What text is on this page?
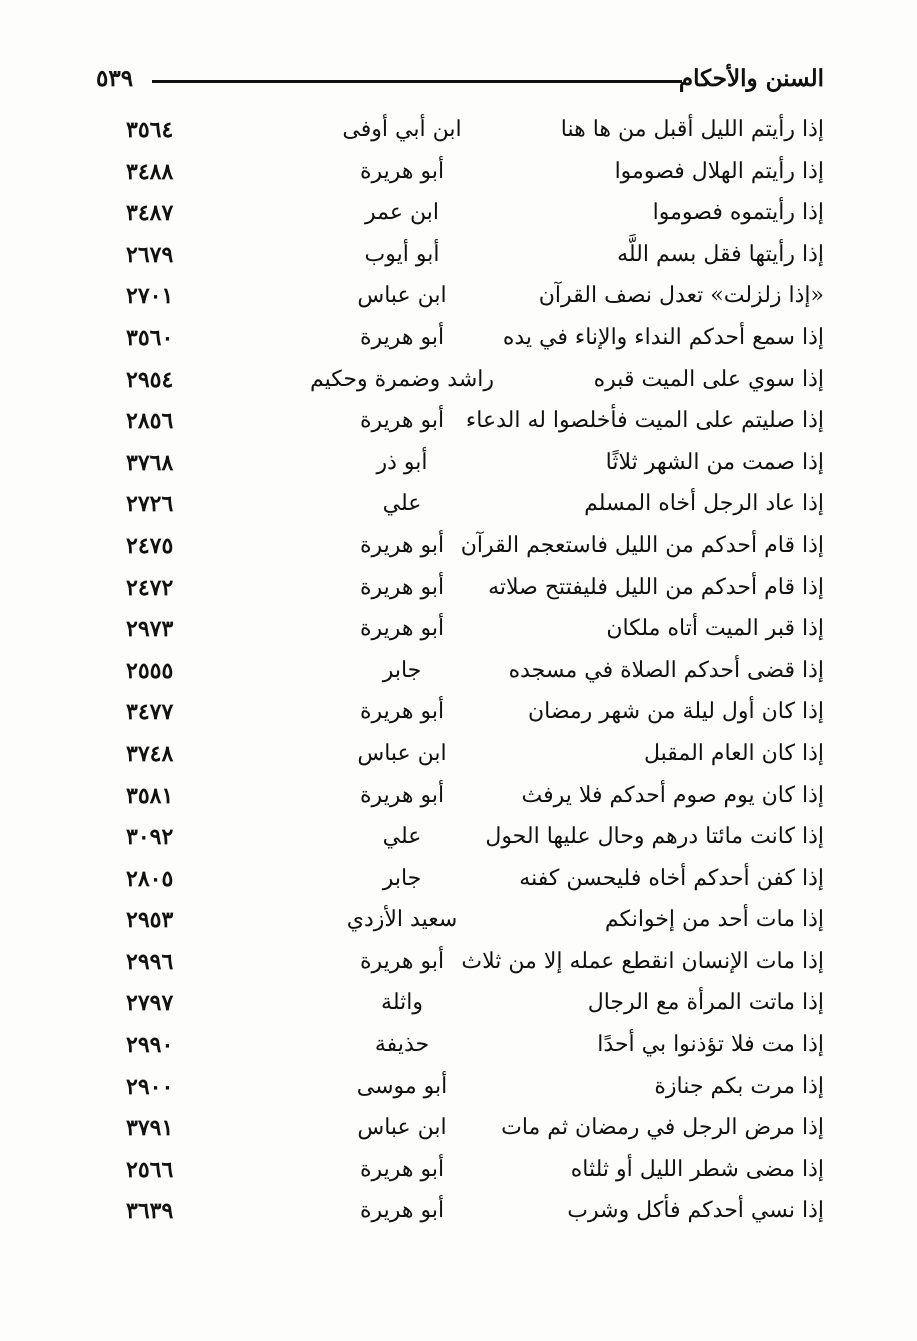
٥٣٩	السنن والأحكام
إذا رأيتم الليل أقبل من ها هنا
ابن أبي أوفى
٣٥٦٤
إذا رأيتم الهلال فصوموا
أبو هريرة
٣٤٨٨
إذا رأيتموه فصوموا
ابن عمر
٣٤٨٧
إذا رأيتها فقل بسم اللَّه
أبو أيوب
٢٦٧٩
«إذا زلزلت» تعدل نصف القرآن
ابن عباس
٢٧٠١
إذا سمع أحدكم النداء والإناء في يده
أبو هريرة
٣٥٦٠
إذا سوي على الميت قبره
راشد وضمرة وحكيم
٢٩٥٤
إذا صليتم على الميت فأخلصوا له الدعاء
أبو هريرة
٢٨٥٦
إذا صمت من الشهر ثلاثًا
أبو ذر
٣٧٦٨
إذا عاد الرجل أخاه المسلم
علي
٢٧٢٦
إذا قام أحدكم من الليل فاستعجم القرآن
أبو هريرة
٢٤٧٥
إذا قام أحدكم من الليل فليفتتح صلاته
أبو هريرة
٢٤٧٢
إذا قبر الميت أتاه ملكان
أبو هريرة
٢٩٧٣
إذا قضى أحدكم الصلاة في مسجده
جابر
٢٥٥٥
إذا كان أول ليلة من شهر رمضان
أبو هريرة
٣٤٧٧
إذا كان العام المقبل
ابن عباس
٣٧٤٨
إذا كان يوم صوم أحدكم فلا يرفث
أبو هريرة
٣٥٨١
إذا كانت مائتا درهم وحال عليها الحول
علي
٣٠٩٢
إذا كفن أحدكم أخاه فليحسن كفنه
جابر
٢٨٠٥
إذا مات أحد من إخوانكم
سعيد الأزدي
٢٩٥٣
إذا مات الإنسان انقطع عمله إلا من ثلاث
أبو هريرة
٢٩٩٦
إذا ماتت المرأة مع الرجال
واثلة
٢٧٩٧
إذا مت فلا تؤذنوا بي أحدًا
حذيفة
٢٩٩٠
إذا مرت بكم جنازة
أبو موسى
٢٩٠٠
إذا مرض الرجل في رمضان ثم مات
ابن عباس
٣٧٩١
إذا مضى شطر الليل أو ثلثاه
أبو هريرة
٢٥٦٦
إذا نسي أحدكم فأكل وشرب
أبو هريرة
٣٦٣٩
